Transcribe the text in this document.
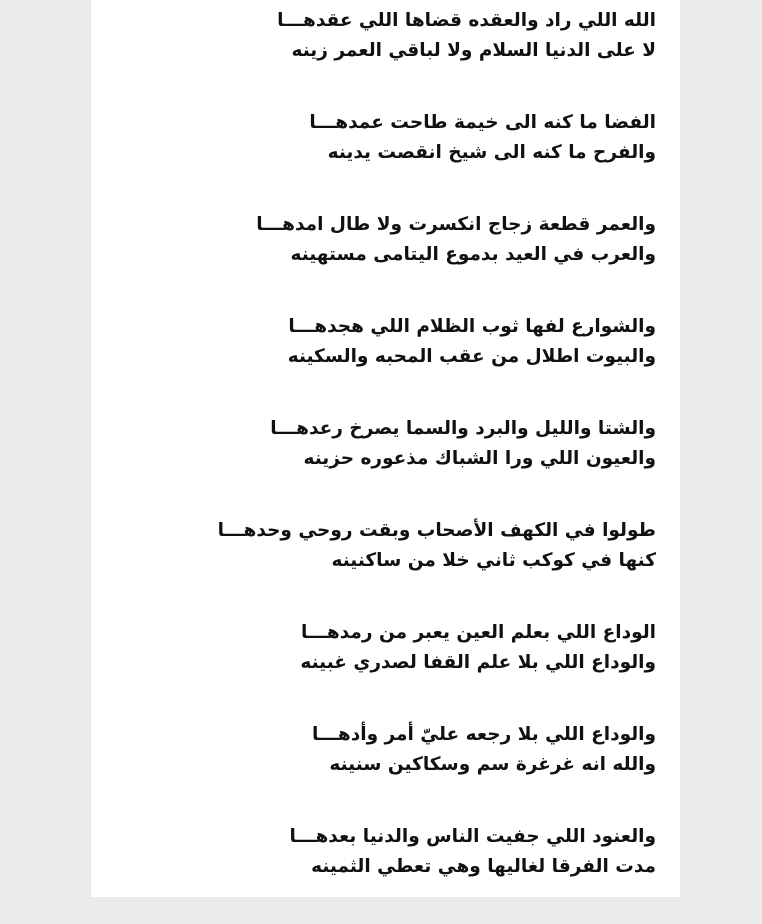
الله اللي راد والعقده قضاها اللي عقدهـــا
لا على الدنيا السلام ولا لباقي العمر زينه
الفضا ما كنه الى خيمة طاحت عمدهـــا
والفرح ما كنه الى شيخ انقصت يدينه
والعمر قطعة زجاج انكسرت ولا طال امدهـــا
والعرب في العيد بدموع اليتامى مستهينه
والشوارع لفها ثوب الظلام اللي هجدهـــا
والبيوت اطلال من عقب المحبه والسكينه
والشتا والليل والبرد والسما يصرخ رعدهـــا
والعيون اللي ورا الشباك مذعوره حزينه
طولوا في الكهف الأصحاب وبقت روحي وحدهـــا
كنها في كوكب ثاني خلا من ساكنينه
الوداع اللي بعلم العين يعبر من رمدهـــا
والوداع اللي بلا علم القفا لصدري غبينه
والوداع اللي بلا رجعه عليّ أمر وأدهـــا
والله انه غرغرة سم وسكاكين سنينه
والعنود اللي جفيت الناس والدنيا بعدهـــا
مدت الفرقا لغاليها وهي تعطي الثمينه
